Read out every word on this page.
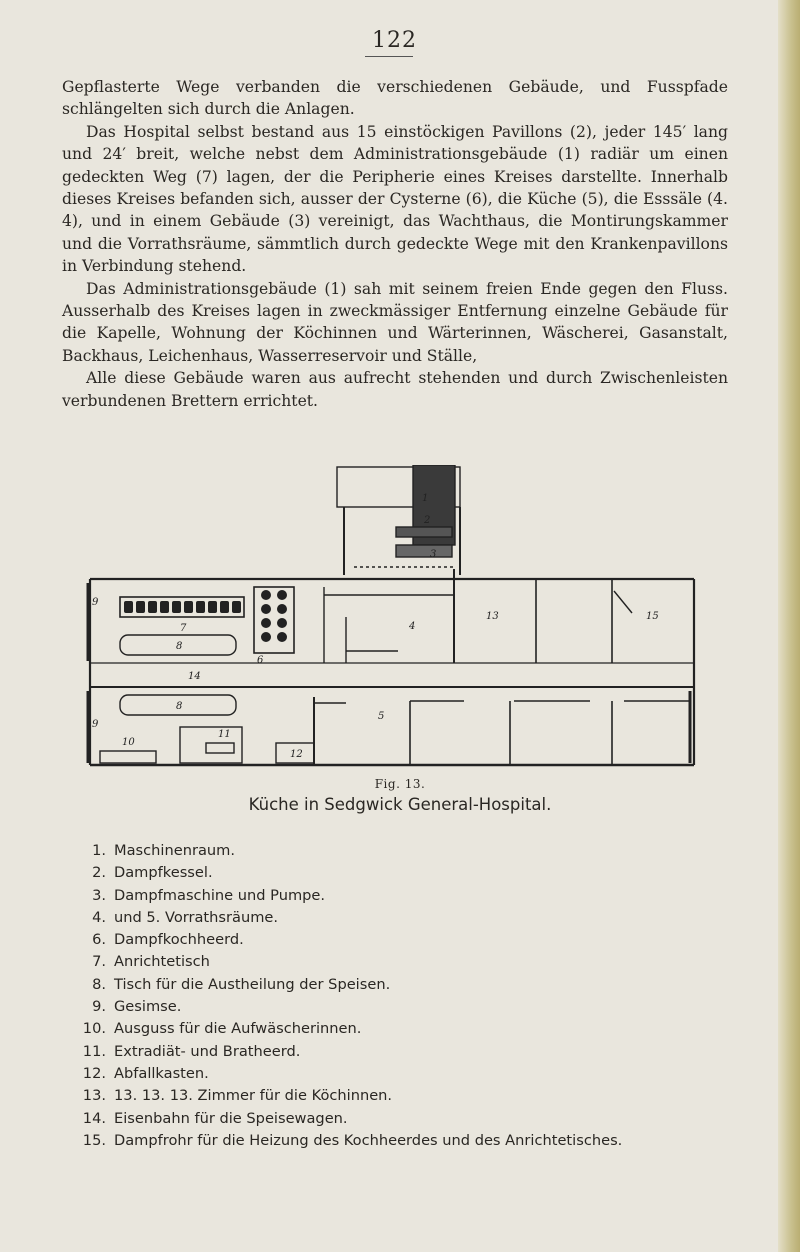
122

Gepflasterte Wege verbanden die verschiedenen Gebäude, und Fusspfade schlängelten sich durch die Anlagen.

Das Hospital selbst bestand aus 15 einstöckigen Pavillons (2), jeder 145′ lang und 24′ breit, welche nebst dem Administrationsgebäude (1) radiär um einen gedeckten Weg (7) lagen, der die Peripherie eines Kreises darstellte. Innerhalb dieses Kreises befanden sich, ausser der Cysterne (6), die Küche (5), die Esssäle (4. 4), und in einem Gebäude (3) vereinigt, das Wachthaus, die Montirungskammer und die Vorrathsräume, sämmtlich durch gedeckte Wege mit den Krankenpavillons in Verbindung stehend.

Das Administrationsgebäude (1) sah mit seinem freien Ende gegen den Fluss. Ausserhalb des Kreises lagen in zweckmässiger Entfernung einzelne Gebäude für die Kapelle, Wohnung der Köchinnen und Wärterinnen, Wäscherei, Gasanstalt, Backhaus, Leichenhaus, Wasserreservoir und Ställe,

Alle diese Gebäude waren aus aufrecht stehenden und durch Zwischenleisten verbundenen Brettern errichtet.

1
2
3
4
5
6
7
8
8
9
9
10
11
12
13
14
15
Fig. 13.
Küche in Sedgwick General-Hospital.
1. Maschinenraum.
2. Dampfkessel.
3. Dampfmaschine und Pumpe.
4. und 5. Vorrathsräume.
6. Dampfkochheerd.
7. Anrichtetisch
8. Tisch für die Austheilung der Speisen.
9. Gesimse.
10. Ausguss für die Aufwäscherinnen.
11. Extradiät- und Bratheerd.
12. Abfallkasten.
13. 13. 13. 13. Zimmer für die Köchinnen.
14. Eisenbahn für die Speisewagen.
15. Dampfrohr für die Heizung des Kochheerdes und des Anrichtetisches.
